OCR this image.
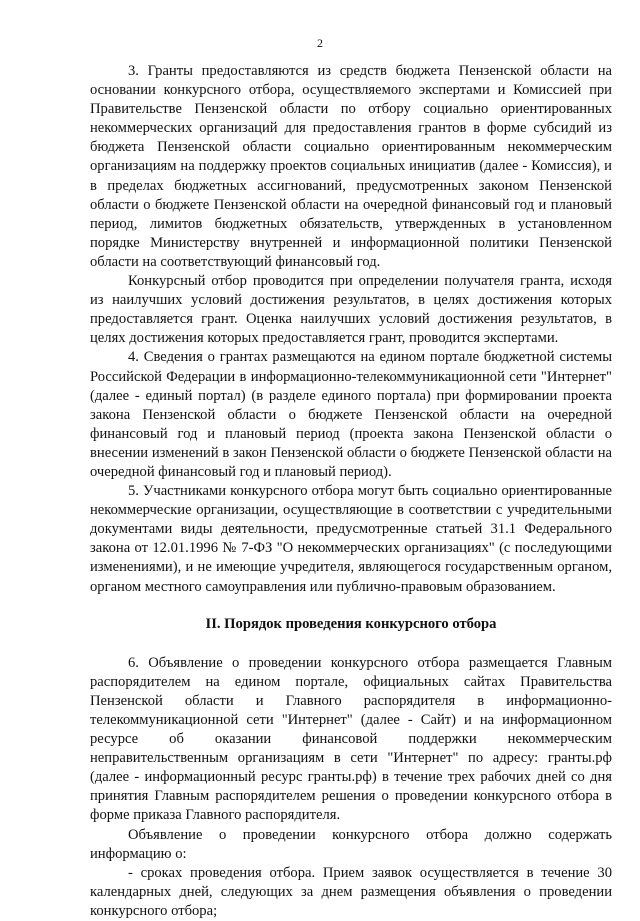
2

3. Гранты предоставляются из средств бюджета Пензенской области на основании конкурсного отбора, осуществляемого экспертами и Комиссией при Правительстве Пензенской области по отбору социально ориентированных некоммерческих организаций для предоставления грантов в форме субсидий из бюджета Пензенской области социально ориентированным некоммерческим организациям на поддержку проектов социальных инициатив (далее - Комиссия), и в пределах бюджетных ассигнований, предусмотренных законом Пензенской области о бюджете Пензенской области на очередной финансовый год и плановый период, лимитов бюджетных обязательств, утвержденных в установленном порядке Министерству внутренней и информационной политики Пензенской области на соответствующий финансовый год.

Конкурсный отбор проводится при определении получателя гранта, исходя из наилучших условий достижения результатов, в целях достижения которых предоставляется грант. Оценка наилучших условий достижения результатов, в целях достижения которых предоставляется грант, проводится экспертами.

4. Сведения о грантах размещаются на едином портале бюджетной системы Российской Федерации в информационно-телекоммуникационной сети "Интернет" (далее - единый портал) (в разделе единого портала) при формировании проекта закона Пензенской области о бюджете Пензенской области на очередной финансовый год и плановый период (проекта закона Пензенской области о внесении изменений в закон Пензенской области о бюджете Пензенской области на очередной финансовый год и плановый период).

5. Участниками конкурсного отбора могут быть социально ориентированные некоммерческие организации, осуществляющие в соответствии с учредительными документами виды деятельности, предусмотренные статьей 31.1 Федерального закона от 12.01.1996 № 7-ФЗ "О некоммерческих организациях" (с последующими изменениями), и не имеющие учредителя, являющегося государственным органом, органом местного самоуправления или публично-правовым образованием.

II. Порядок проведения конкурсного отбора

6. Объявление о проведении конкурсного отбора размещается Главным распорядителем на едином портале, официальных сайтах Правительства Пензенской области и Главного распорядителя в информационно-телекоммуникационной сети "Интернет" (далее - Сайт) и на информационном ресурсе об оказании финансовой поддержки некоммерческим неправительственным организациям в сети "Интернет" по адресу: гранты.рф (далее - информационный ресурс гранты.рф) в течение трех рабочих дней со дня принятия Главным распорядителем решения о проведении конкурсного отбора в форме приказа Главного распорядителя.

Объявление о проведении конкурсного отбора должно содержать информацию о:

- сроках проведения отбора. Прием заявок осуществляется в течение 30 календарных дней, следующих за днем размещения объявления о проведении конкурсного отбора;
